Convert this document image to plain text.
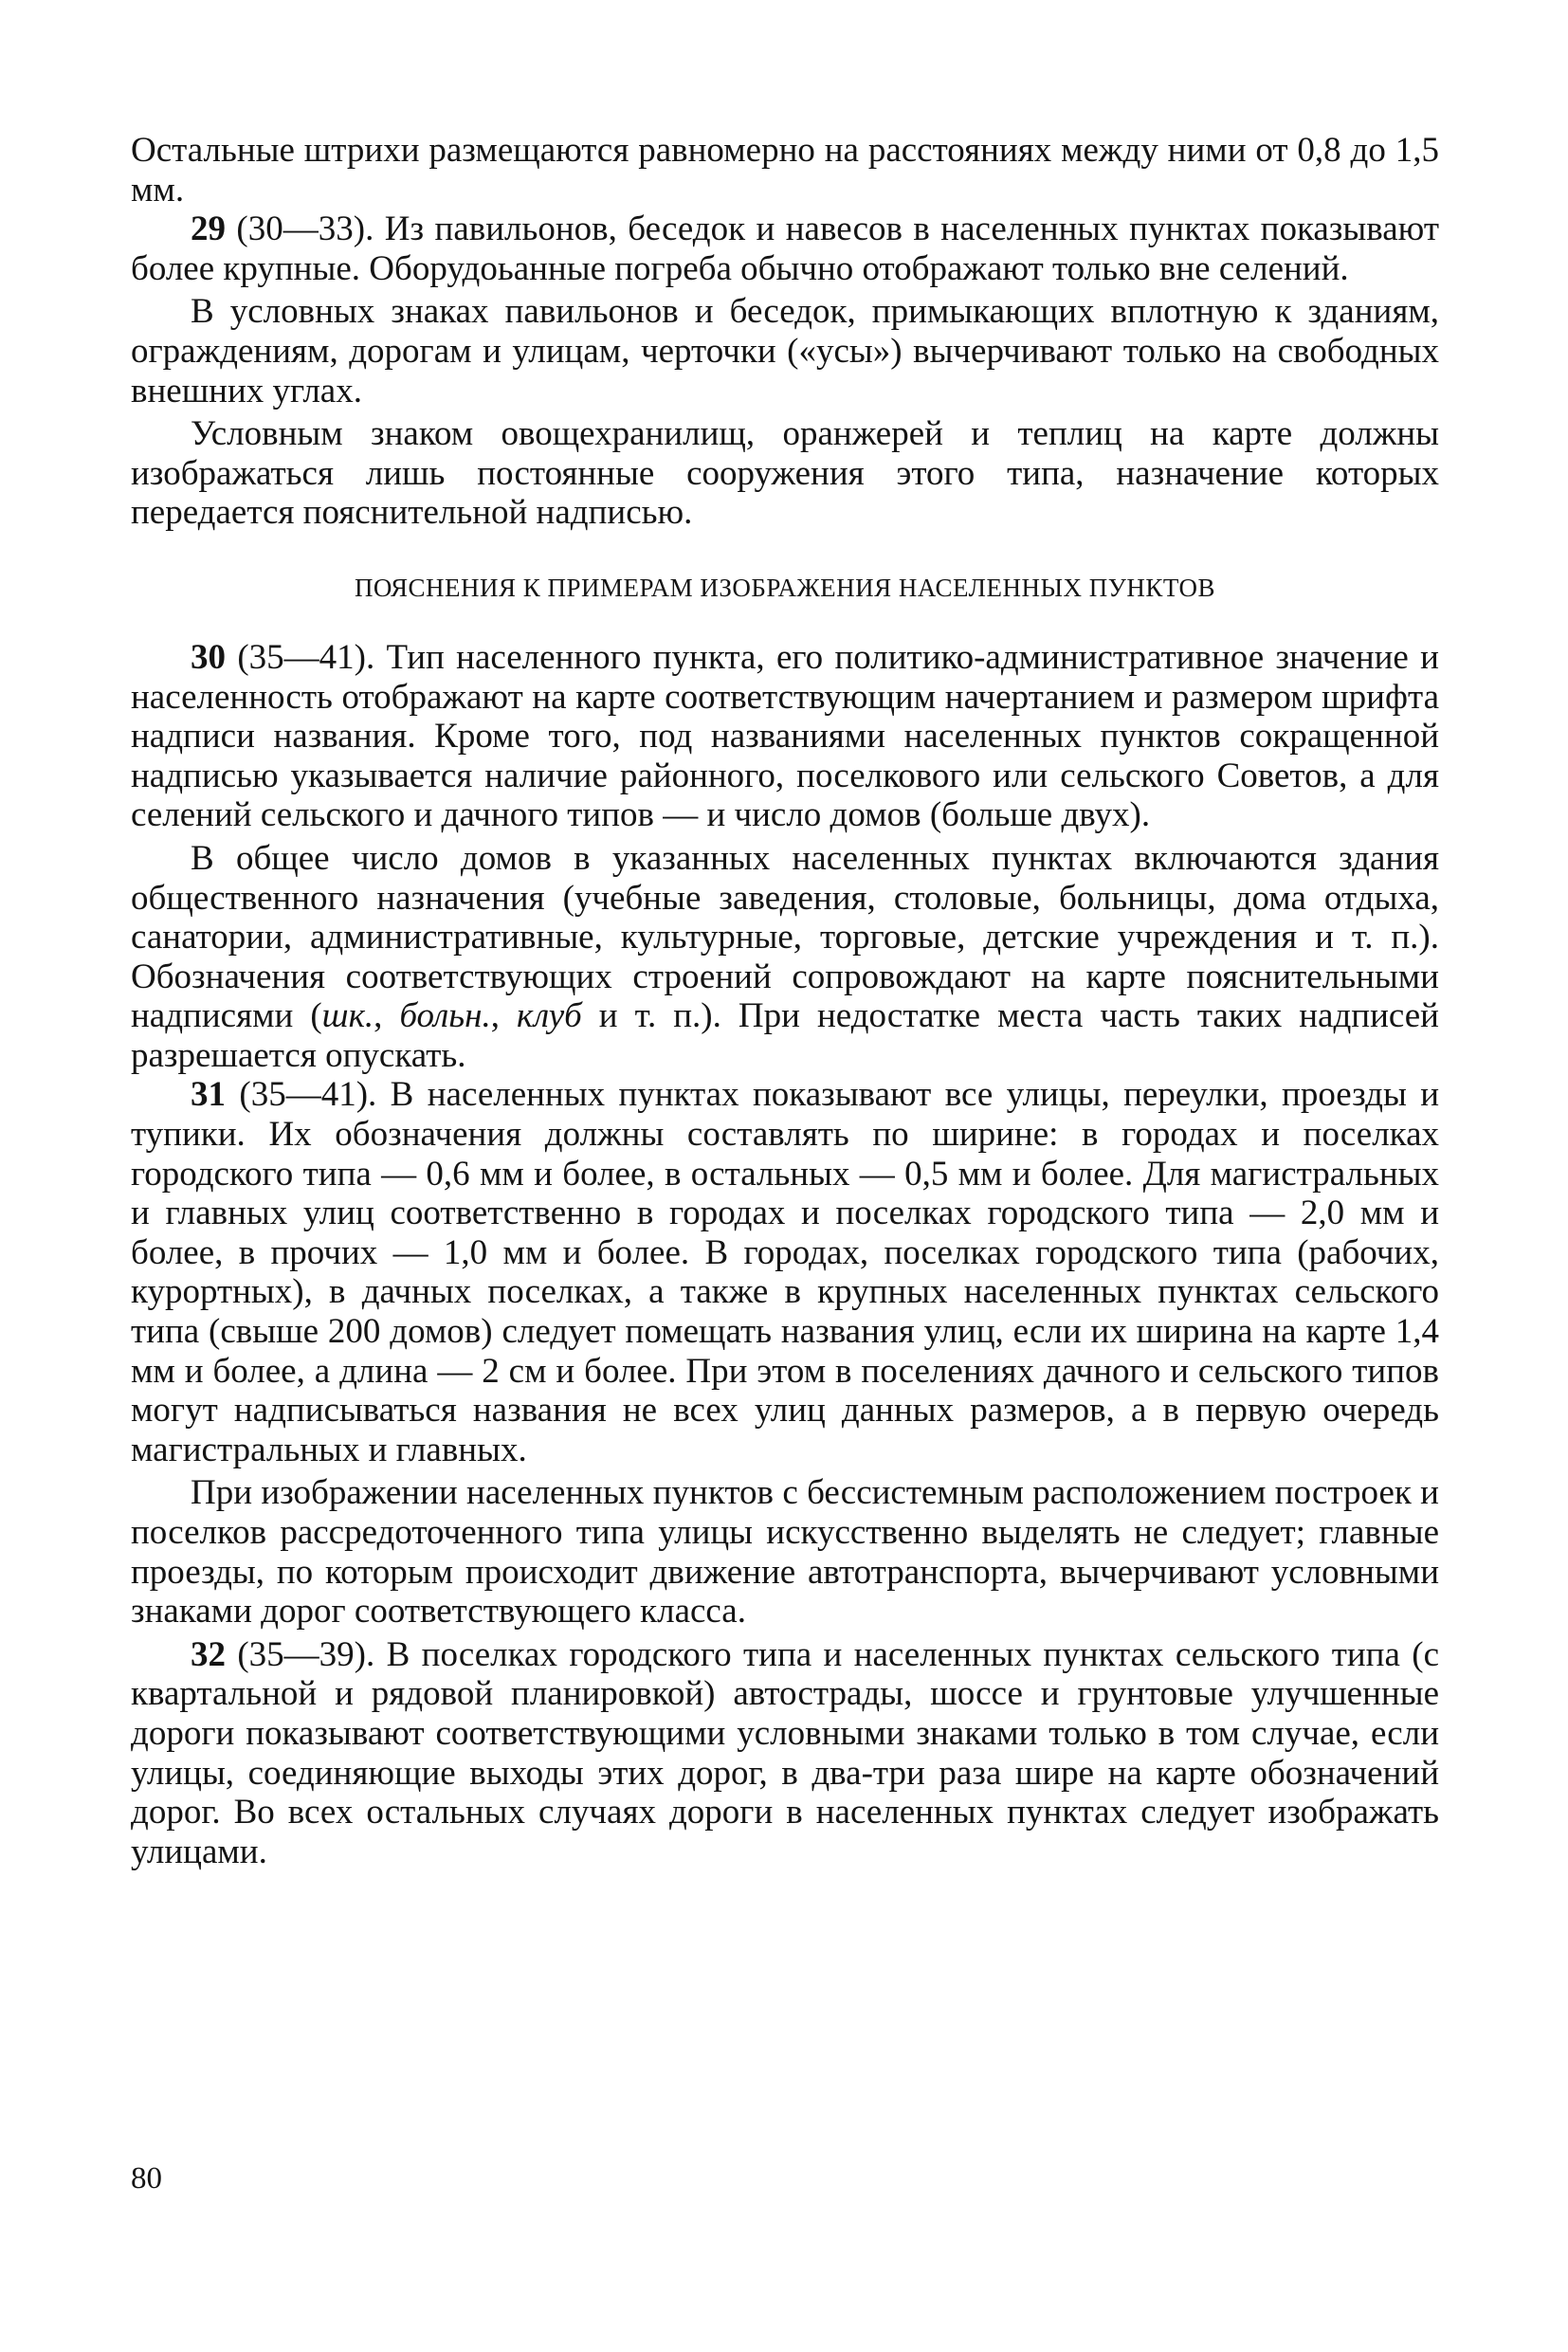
Остальные штрихи размещаются равномерно на расстояниях между ними от 0,8 до 1,5 мм.

29 (30—33). Из павильонов, беседок и навесов в населенных пунктах показывают более крупные. Оборудоьанные погреба обычно отображают только вне селений.

В условных знаках павильонов и беседок, примыкающих вплотную к зданиям, ограждениям, дорогам и улицам, черточки («усы») вычерчивают только на свободных внешних углах.

Условным знаком овощехранилищ, оранжерей и теплиц на карте должны изображаться лишь постоянные сооружения этого типа, назначение которых передается пояснительной надписью.

ПОЯСНЕНИЯ К ПРИМЕРАМ ИЗОБРАЖЕНИЯ НАСЕЛЕННЫХ ПУНКТОВ

30 (35—41). Тип населенного пункта, его политико-административное значение и населенность отображают на карте соответствующим начертанием и размером шрифта надписи названия. Кроме того, под названиями населенных пунктов сокращенной надписью указывается наличие районного, поселкового или сельского Советов, а для селений сельского и дачного типов — и число домов (больше двух).

В общее число домов в указанных населенных пунктах включаются здания общественного назначения (учебные заведения, столовые, больницы, дома отдыха, санатории, административные, культурные, торговые, детские учреждения и т. п.). Обозначения соответствующих строений сопровождают на карте пояснительными надписями (шк., больн., клуб и т. п.). При недостатке места часть таких надписей разрешается опускать.

31 (35—41). В населенных пунктах показывают все улицы, переулки, проезды и тупики. Их обозначения должны составлять по ширине: в городах и поселках городского типа — 0,6 мм и более, в остальных — 0,5 мм и более. Для магистральных и главных улиц соответственно в городах и поселках городского типа — 2,0 мм и более, в прочих — 1,0 мм и более. В городах, поселках городского типа (рабочих, курортных), в дачных поселках, а также в крупных населенных пунктах сельского типа (свыше 200 домов) следует помещать названия улиц, если их ширина на карте 1,4 мм и более, а длина — 2 см и более. При этом в поселениях дачного и сельского типов могут надписываться названия не всех улиц данных размеров, а в первую очередь магистральных и главных.

При изображении населенных пунктов с бессистемным расположением построек и поселков рассредоточенного типа улицы искусственно выделять не следует; главные проезды, по которым происходит движение автотранспорта, вычерчивают условными знаками дорог соответствующего класса.

32 (35—39). В поселках городского типа и населенных пунктах сельского типа (с квартальной и рядовой планировкой) автострады, шоссе и грунтовые улучшенные дороги показывают соответствующими условными знаками только в том случае, если улицы, соединяющие выходы этих дорог, в два-три раза шире на карте обозначений дорог. Во всех остальных случаях дороги в населенных пунктах следует изображать улицами.

80
